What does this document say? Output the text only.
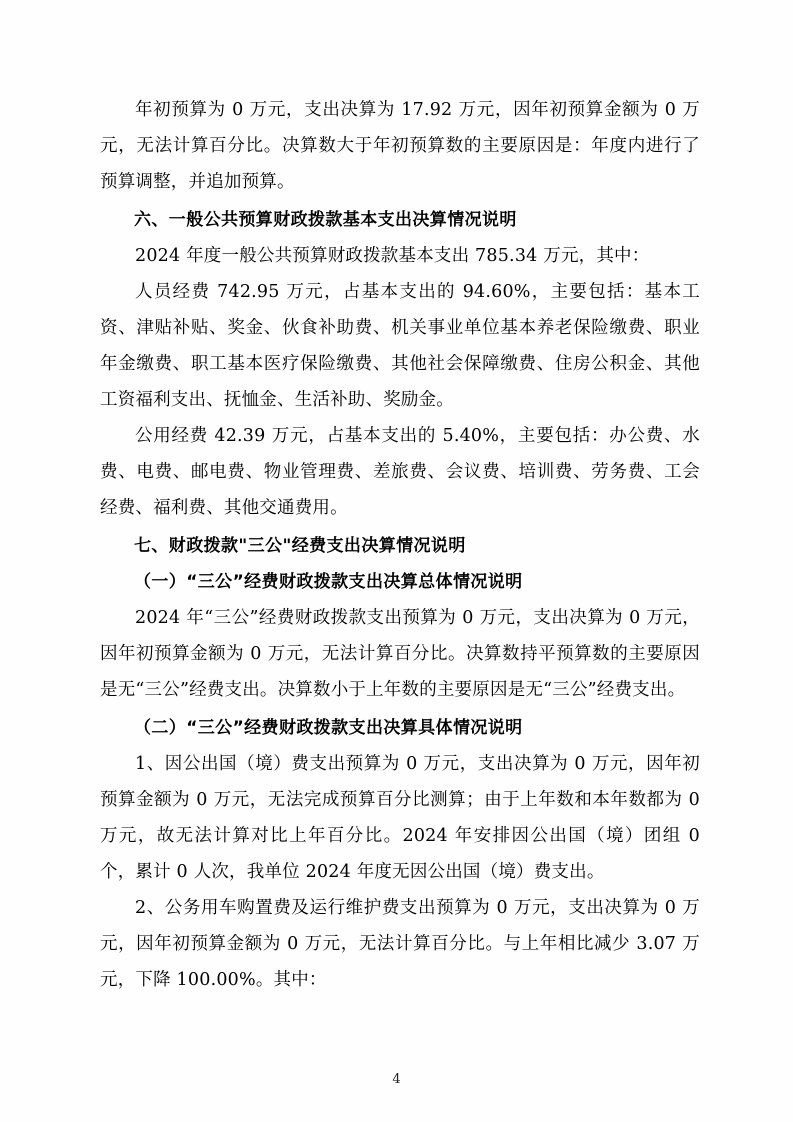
年初预算为 0 万元，支出决算为 17.92 万元，因年初预算金额为 0 万元，无法计算百分比。决算数大于年初预算数的主要原因是：年度内进行了预算调整，并追加预算。

六、一般公共预算财政拨款基本支出决算情况说明

2024 年度一般公共预算财政拨款基本支出 785.34 万元，其中：

人员经费 742.95 万元，占基本支出的 94.60%，主要包括：基本工资、津贴补贴、奖金、伙食补助费、机关事业单位基本养老保险缴费、职业年金缴费、职工基本医疗保险缴费、其他社会保障缴费、住房公积金、其他工资福利支出、抚恤金、生活补助、奖励金。

公用经费 42.39 万元，占基本支出的 5.40%，主要包括：办公费、水费、电费、邮电费、物业管理费、差旅费、会议费、培训费、劳务费、工会经费、福利费、其他交通费用。

七、财政拨款"三公"经费支出决算情况说明

（一）“三公”经费财政拨款支出决算总体情况说明

2024 年“三公”经费财政拨款支出预算为 0 万元，支出决算为 0 万元，因年初预算金额为 0 万元，无法计算百分比。决算数持平预算数的主要原因是无“三公”经费支出。决算数小于上年数的主要原因是无“三公”经费支出。

（二）“三公”经费财政拨款支出决算具体情况说明

1、因公出国（境）费支出预算为 0 万元，支出决算为 0 万元，因年初预算金额为 0 万元，无法完成预算百分比测算；由于上年数和本年数都为 0 万元，故无法计算对比上年百分比。2024 年安排因公出国（境）团组 0 个，累计 0 人次，我单位 2024 年度无因公出国（境）费支出。

2、公务用车购置费及运行维护费支出预算为 0 万元，支出决算为 0 万元，因年初预算金额为 0 万元，无法计算百分比。与上年相比减少 3.07 万元，下降 100.00%。其中：

4
